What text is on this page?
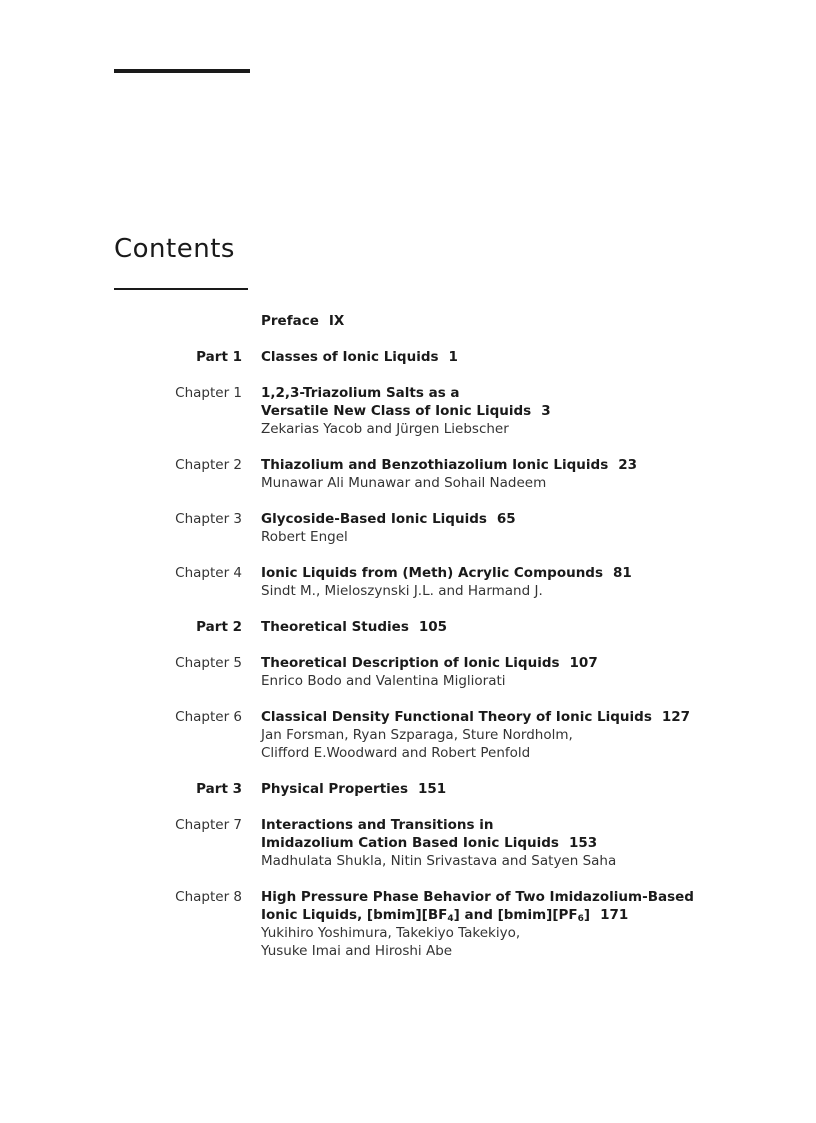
Contents
Preface IX
Part 1 Classes of Ionic Liquids 1
Chapter 1 1,2,3-Triazolium Salts as a
Versatile New Class of Ionic Liquids 3
Zekarias Yacob and Jürgen Liebscher
Chapter 2 Thiazolium and Benzothiazolium Ionic Liquids 23
Munawar Ali Munawar and Sohail Nadeem
Chapter 3 Glycoside-Based Ionic Liquids 65
Robert Engel
Chapter 4 Ionic Liquids from (Meth) Acrylic Compounds 81
Sindt M., Mieloszynski J.L. and Harmand J.
Part 2 Theoretical Studies 105
Chapter 5 Theoretical Description of Ionic Liquids 107
Enrico Bodo and Valentina Migliorati
Chapter 6 Classical Density Functional Theory of Ionic Liquids 127
Jan Forsman, Ryan Szparaga, Sture Nordholm,
Clifford E.Woodward and Robert Penfold
Part 3 Physical Properties 151
Chapter 7 Interactions and Transitions in
Imidazolium Cation Based Ionic Liquids 153
Madhulata Shukla, Nitin Srivastava and Satyen Saha
Chapter 8 High Pressure Phase Behavior of Two Imidazolium-Based
Ionic Liquids, $[bmim][BF_4]$ and $[bmim][PF_6]$ 171
Yukihiro Yoshimura, Takekiyo Takekiyo,
Yusuke Imai and Hiroshi Abe
